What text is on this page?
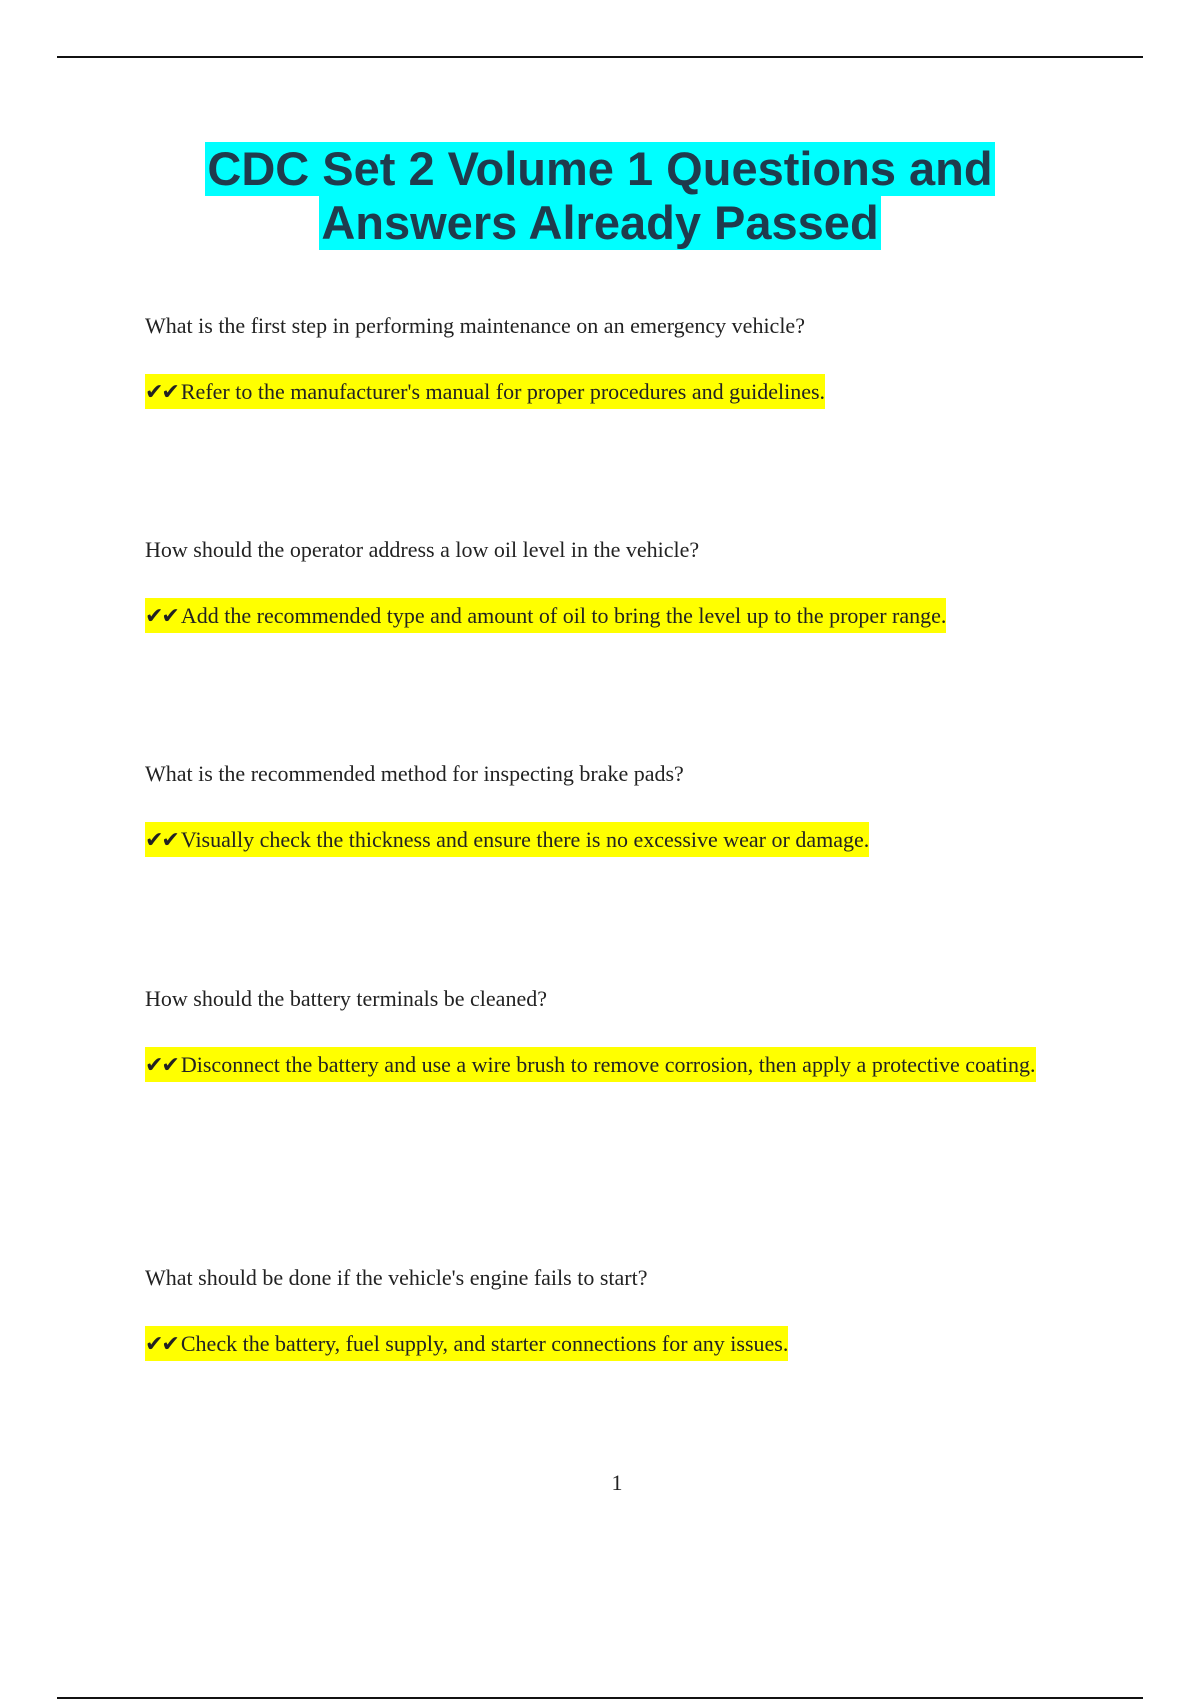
CDC Set 2 Volume 1 Questions and
Answers Already Passed
What is the first step in performing maintenance on an emergency vehicle?
✔✔ Refer to the manufacturer's manual for proper procedures and guidelines.
How should the operator address a low oil level in the vehicle?
✔✔ Add the recommended type and amount of oil to bring the level up to the proper range.
What is the recommended method for inspecting brake pads?
✔✔ Visually check the thickness and ensure there is no excessive wear or damage.
How should the battery terminals be cleaned?
✔✔ Disconnect the battery and use a wire brush to remove corrosion, then apply a protective coating.
What should be done if the vehicle's engine fails to start?
✔✔ Check the battery, fuel supply, and starter connections for any issues.
1
